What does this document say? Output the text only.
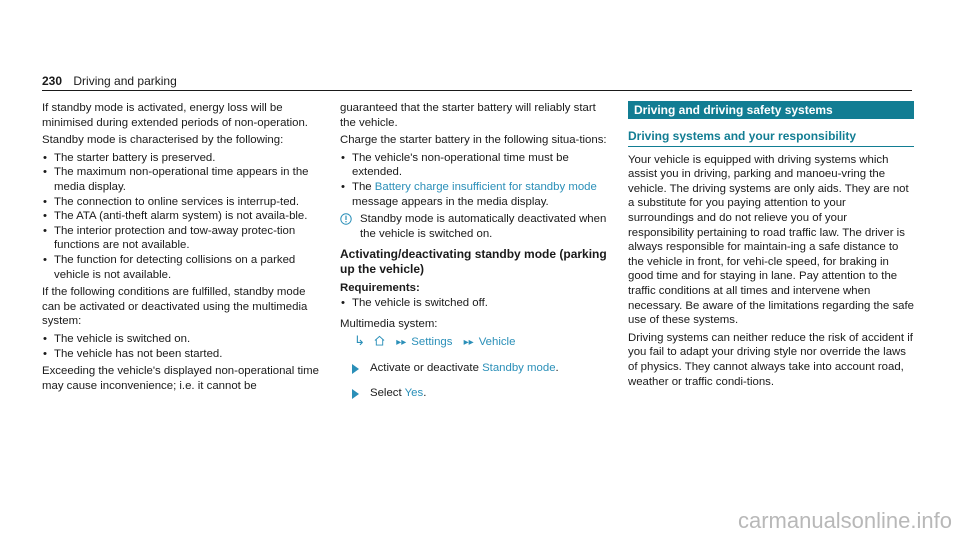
230 Driving and parking

If standby mode is activated, energy loss will be minimised during extended periods of non-operation.

Standby mode is characterised by the following:

• The starter battery is preserved.
• The maximum non-operational time appears in the media display.
• The connection to online services is interrup-ted.
• The ATA (anti-theft alarm system) is not availa-ble.
• The interior protection and tow-away protec-tion functions are not available.
• The function for detecting collisions on a parked vehicle is not available.

If the following conditions are fulfilled, standby mode can be activated or deactivated using the multimedia system:

• The vehicle is switched on.
• The vehicle has not been started.

Exceeding the vehicle's displayed non-operational time may cause inconvenience; i.e. it cannot be

guaranteed that the starter battery will reliably start the vehicle.

Charge the starter battery in the following situa-tions:

• The vehicle's non-operational time must be extended.
• The Battery charge insufficient for standby mode message appears in the media display.
Standby mode is automatically deactivated when the vehicle is switched on.
Activating/deactivating standby mode (parking up the vehicle)
Requirements:
• The vehicle is switched off.

Multimedia system:

↳	▸▸ Settings ▸▸ Vehicle
Activate or deactivate Standby mode.
Select Yes.
Driving and driving safety systems
Driving systems and your responsibility

Your vehicle is equipped with driving systems which assist you in driving, parking and manoeu-vring the vehicle. The driving systems are only aids. They are not a substitute for you paying attention to your surroundings and do not relieve you of your responsibility pertaining to road traffic law. The driver is always responsible for maintain-ing a safe distance to the vehicle in front, for vehi-cle speed, for braking in good time and for staying in lane. Pay attention to the traffic conditions at all times and intervene when necessary. Be aware of the limitations regarding the safe use of these systems.

Driving systems can neither reduce the risk of accident if you fail to adapt your driving style nor override the laws of physics. They cannot always take into account road, weather or traffic condi-tions.

carmanualsonline.info
